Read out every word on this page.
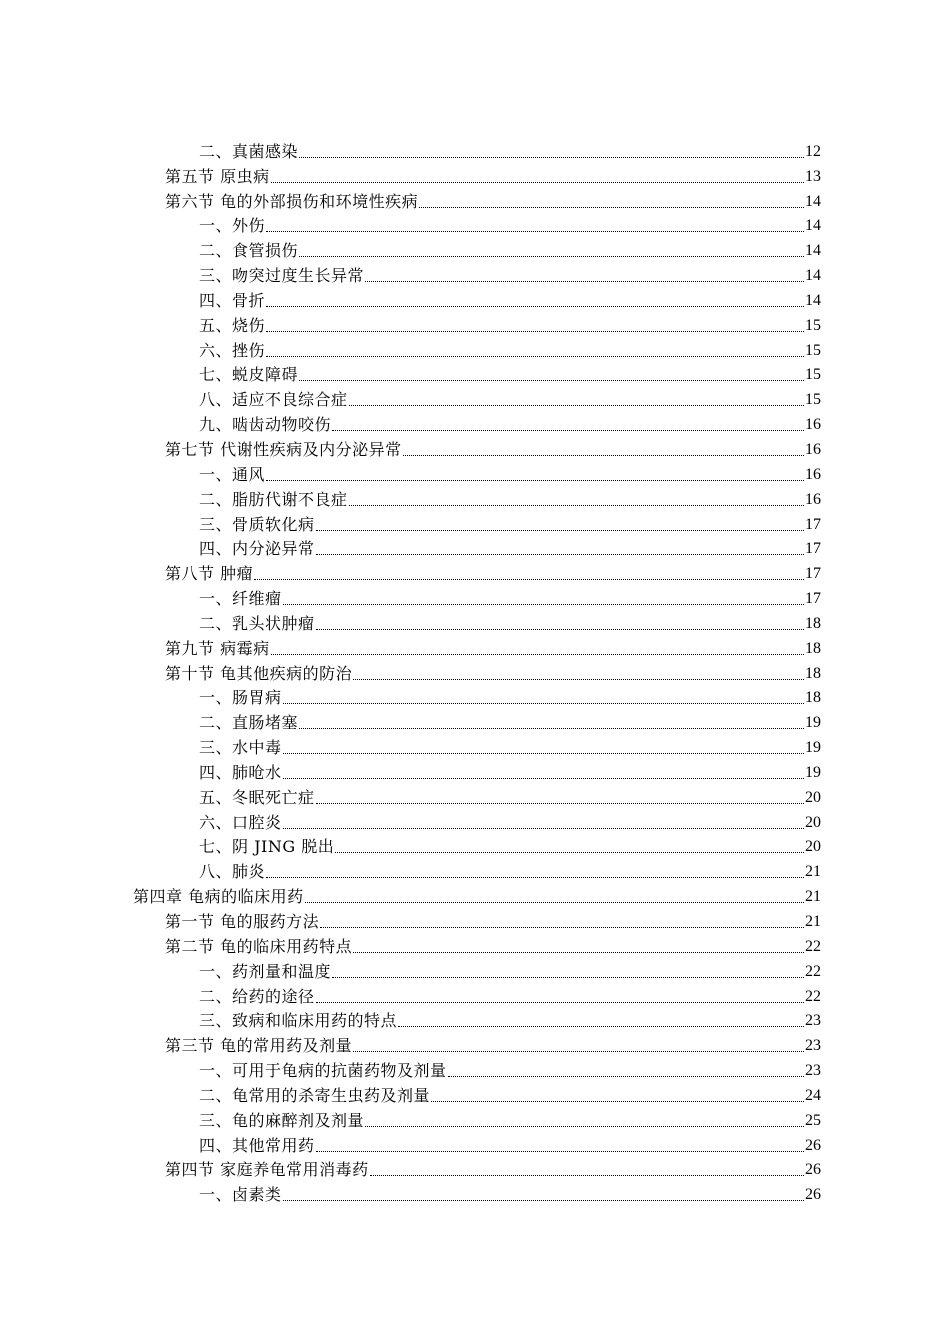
二、真菌感染	12
第五节 原虫病	13
第六节 龟的外部损伤和环境性疾病	14
一、外伤	14
二、食管损伤	14
三、吻突过度生长异常	14
四、骨折	14
五、烧伤	15
六、挫伤	15
七、蜕皮障碍	15
八、适应不良综合症	15
九、啮齿动物咬伤	16
第七节 代谢性疾病及内分泌异常	16
一、通风	16
二、脂肪代谢不良症	16
三、骨质软化病	17
四、内分泌异常	17
第八节 肿瘤	17
一、纤维瘤	17
二、乳头状肿瘤	18
第九节 病霉病	18
第十节 龟其他疾病的防治	18
一、肠胃病	18
二、直肠堵塞	19
三、水中毒	19
四、肺呛水	19
五、冬眠死亡症	20
六、口腔炎	20
七、阴 JING 脱出	20
八、肺炎	21
第四章 龟病的临床用药	21
第一节 龟的服药方法	21
第二节 龟的临床用药特点	22
一、药剂量和温度	22
二、给药的途径	22
三、致病和临床用药的特点	23
第三节 龟的常用药及剂量	23
一、可用于龟病的抗菌药物及剂量	23
二、龟常用的杀寄生虫药及剂量	24
三、龟的麻醉剂及剂量	25
四、其他常用药	26
第四节 家庭养龟常用消毒药	26
一、卤素类	26
